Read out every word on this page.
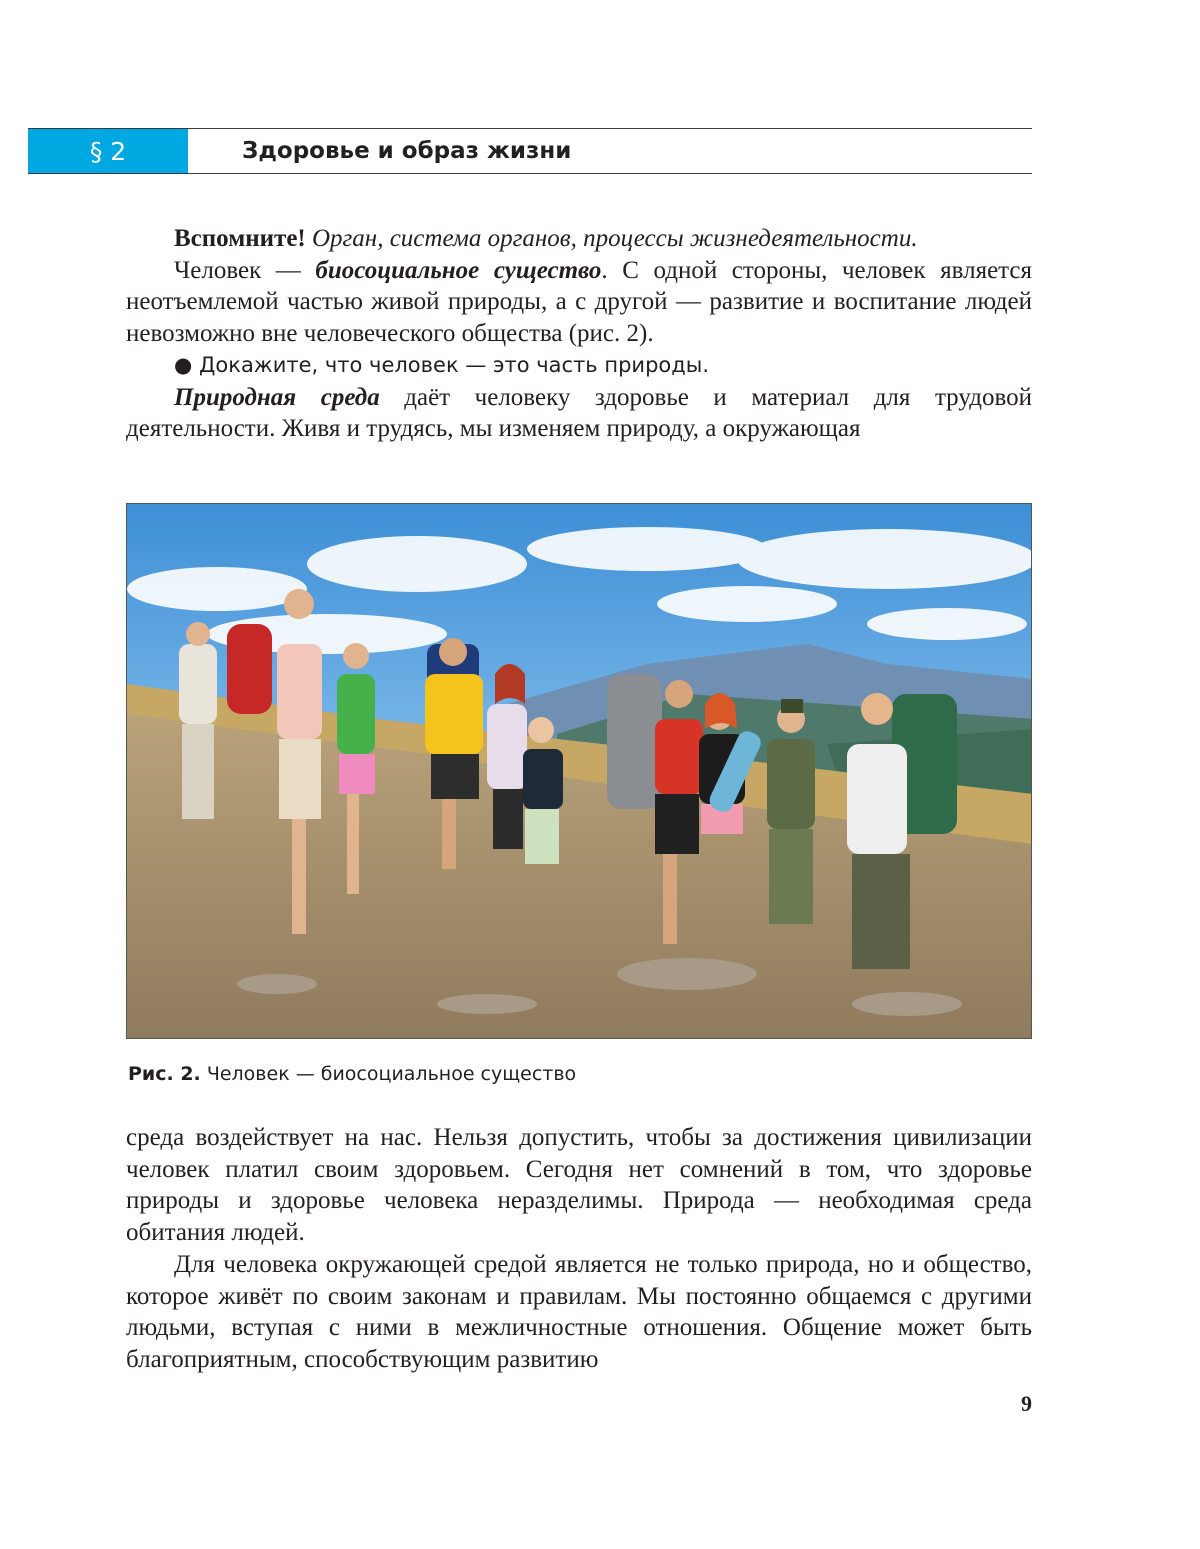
§ 2	Здоровье и образ жизни

Вспомните! Орган, система органов, процессы жизнедеятельности.

Человек — биосоциальное существо. С одной стороны, человек является неотъемлемой частью живой природы, а с другой — развитие и воспитание людей невозможно вне человеческого общества (рис. 2).

● Докажите, что человек — это часть природы.

Природная среда даёт человеку здоровье и материал для трудовой деятельности. Живя и трудясь, мы изменяем природу, а окружающая

Рис. 2. Человек — биосоциальное существо

среда воздействует на нас. Нельзя допустить, чтобы за достижения цивилизации человек платил своим здоровьем. Сегодня нет сомнений в том, что здоровье природы и здоровье человека неразделимы. Природа — необходимая среда обитания людей.

Для человека окружающей средой является не только природа, но и общество, которое живёт по своим законам и правилам. Мы постоянно общаемся с другими людьми, вступая с ними в межличностные отношения. Общение может быть благоприятным, способствующим развитию

9
